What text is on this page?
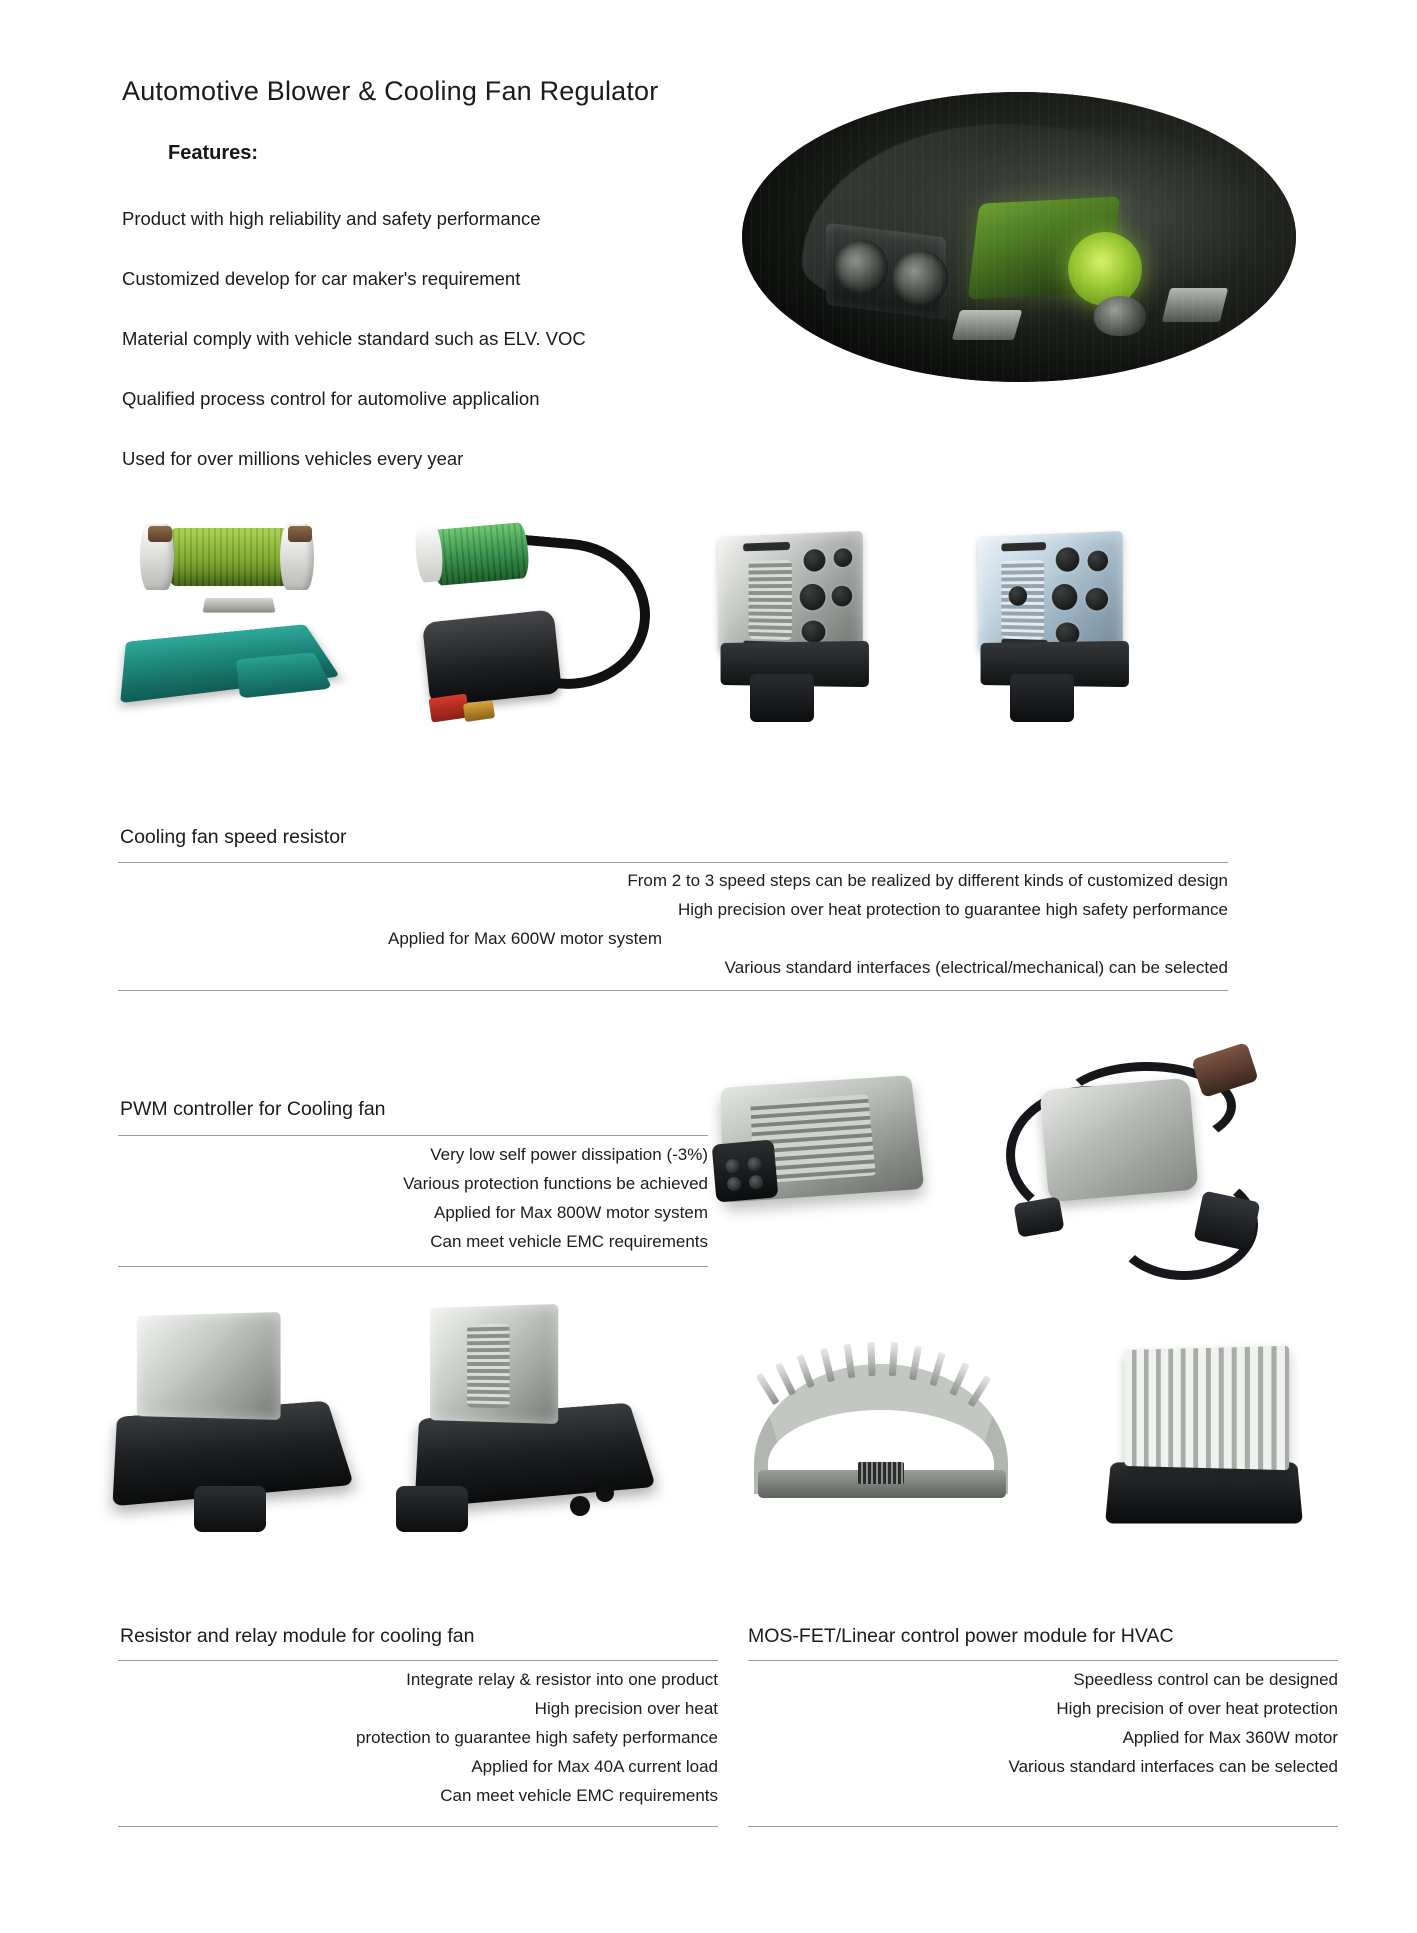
Automotive Blower & Cooling Fan Regulator
Features:
Product with high reliability and safety performance
Customized develop for car maker's requirement
Material comply with vehicle standard such as ELV. VOC
Qualified process control for automolive applicalion
Used for over millions vehicles every year
Cooling fan speed resistor
From 2 to 3 speed steps can be realized by different kinds of customized design
High precision over heat protection to guarantee high safety performance
Applied for Max 600W motor system
Various standard interfaces (electrical/mechanical) can be selected
PWM controller for Cooling fan
Very low self power dissipation (-3%)
Various protection functions be achieved
Applied for Max 800W motor system
Can meet vehicle EMC requirements
Resistor and relay module for cooling fan
Integrate relay & resistor into one product
High precision over heat
protection to guarantee high safety performance
Applied for Max 40A current load
Can meet vehicle EMC requirements
MOS-FET/Linear control power module for HVAC
Speedless control can be designed
High precision of over heat protection
Applied for Max 360W motor
Various standard interfaces can be selected
